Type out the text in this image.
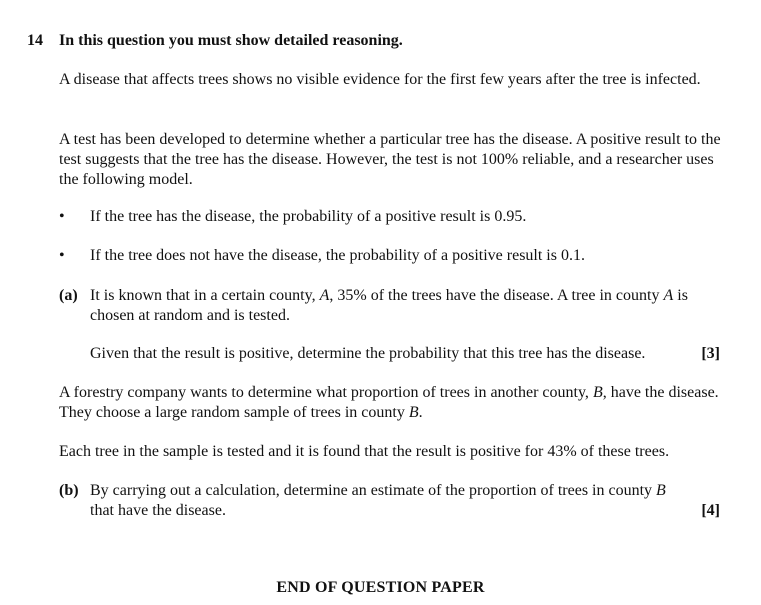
14 In this question you must show detailed reasoning.
A disease that affects trees shows no visible evidence for the first few years after the tree is infected.
A test has been developed to determine whether a particular tree has the disease. A positive result to the test suggests that the tree has the disease. However, the test is not 100% reliable, and a researcher uses the following model.
• If the tree has the disease, the probability of a positive result is 0.95.
• If the tree does not have the disease, the probability of a positive result is 0.1.
(a) It is known that in a certain county, A, 35% of the trees have the disease. A tree in county A is chosen at random and is tested.
Given that the result is positive, determine the probability that this tree has the disease.	[3]
A forestry company wants to determine what proportion of trees in another county, B, have the disease. They choose a large random sample of trees in county B.
Each tree in the sample is tested and it is found that the result is positive for 43% of these trees.
(b) By carrying out a calculation, determine an estimate of the proportion of trees in county B that have the disease.	[4]
END OF QUESTION PAPER
